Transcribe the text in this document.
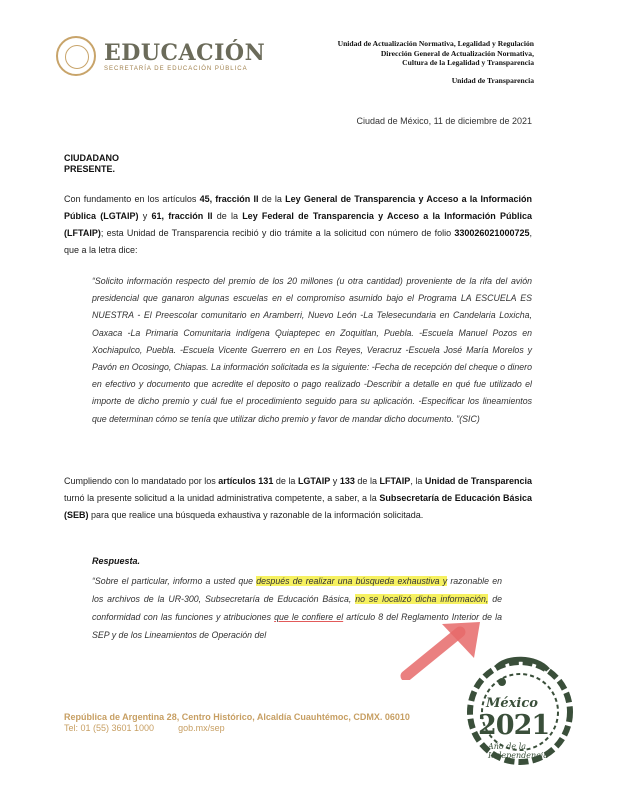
EDUCACIÓN
SECRETARÍA DE EDUCACIÓN PÚBLICA
Unidad de Actualización Normativa, Legalidad y Regulación
Dirección General de Actualización Normativa,
Cultura de la Legalidad y Transparencia
Unidad de Transparencia
Ciudad de México, 11 de diciembre de 2021
CIUDADANO
PRESENTE.
Con fundamento en los artículos 45, fracción II de la Ley General de Transparencia y Acceso a la Información Pública (LGTAIP) y 61, fracción II de la Ley Federal de Transparencia y Acceso a la Información Pública (LFTAIP); esta Unidad de Transparencia recibió y dio trámite a la solicitud con número de folio 330026021000725, que a la letra dice:
“Solicito información respecto del premio de los 20 millones (u otra cantidad) proveniente de la rifa del avión presidencial que ganaron algunas escuelas en el compromiso asumido bajo el Programa LA ESCUELA ES NUESTRA - El Preescolar comunitario en Aramberri, Nuevo León -La Telesecundaria en Candelaria Loxicha, Oaxaca -La Primaria Comunitaria indígena Quiaptepec en Zoquitlan, Puebla. -Escuela Manuel Pozos en Xochiapulco, Puebla. -Escuela Vicente Guerrero en en Los Reyes, Veracruz -Escuela José María Morelos y Pavón en Ocosingo, Chiapas. La información solicitada es la siguiente: -Fecha de recepción del cheque o dinero en efectivo y documento que acredite el deposito o pago realizado -Describir a detalle en qué fue utilizado el importe de dicho premio y cuál fue el procedimiento seguido para su aplicación. -Especificar los lineamientos que determinan cómo se tenía que utilizar dicho premio y favor de mandar dicho documento. ”(SIC)
Cumpliendo con lo mandatado por los artículos 131 de la LGTAIP y 133 de la LFTAIP, la Unidad de Transparencia turnó la presente solicitud a la unidad administrativa competente, a saber, a la Subsecretaría de Educación Básica (SEB) para que realice una búsqueda exhaustiva y razonable de la información solicitada.
Respuesta.
“Sobre el particular, informo a usted que después de realizar una búsqueda exhaustiva y razonable en los archivos de la UR-300, Subsecretaría de Educación Básica, no se localizó dicha información, de conformidad con las funciones y atribuciones que le confiere el artículo 8 del Reglamento Interior de la SEP y de los Lineamientos de Operación del
República de Argentina 28, Centro Histórico, Alcaldía Cuauhtémoc, CDMX. 06010
Tel: 01 (55) 3601 1000	gob.mx/sep
México
2021
Año de la Independencia
